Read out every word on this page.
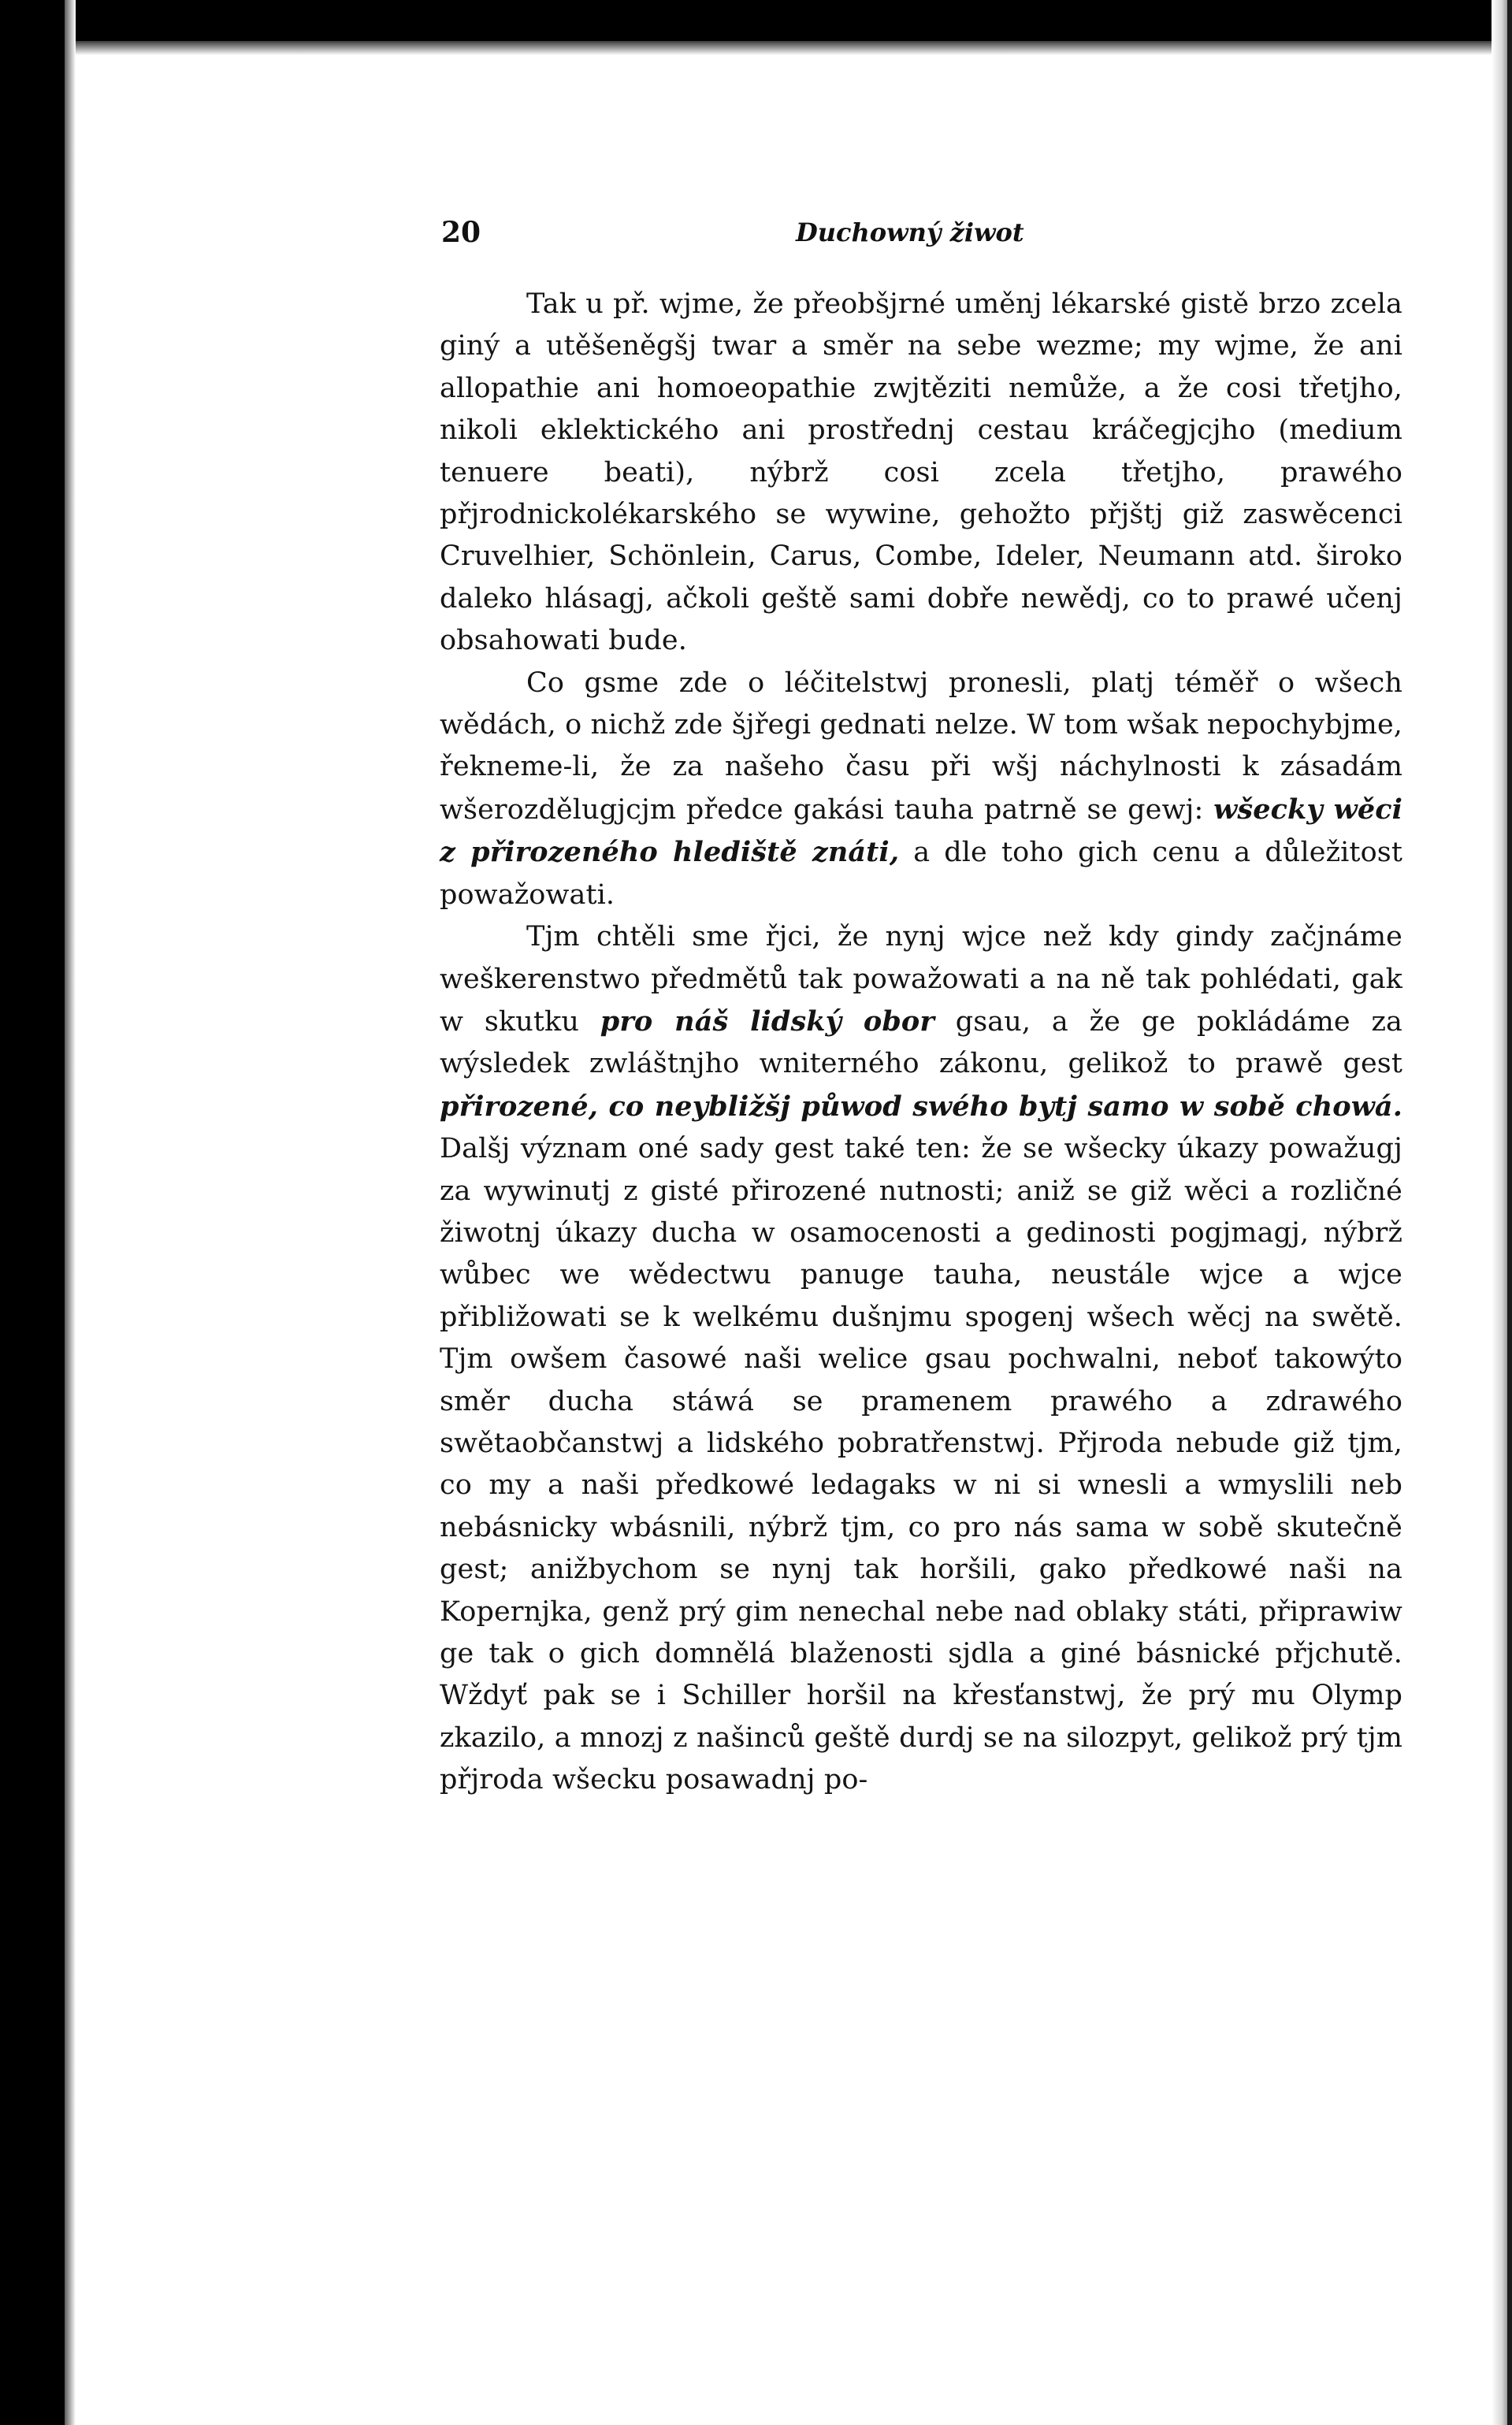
20	Duchowný žiwot

Tak u př. wjme, že přeobšjrné uměnj lékarské gistě brzo zcela giný a utěšeněgšj twar a směr na sebe wezme; my wjme, že ani allopathie ani homoeopathie zwjtěziti nemůže, a že cosi třetjho, nikoli eklektického ani prostřednj cestau kráčegjcjho (medium tenuere beati), nýbrž cosi zcela třetjho, prawého přjrodnickolékarského se wywine, gehožto přjštj giž zaswěcenci Cruvelhier, Schönlein, Carus, Combe, Ideler, Neumann atd. široko daleko hlásagj, ačkoli geště sami dobře newědj, co to prawé učenj obsahowati bude.

Co gsme zde o léčitelstwj pronesli, platj téměř o wšech wědách, o nichž zde šjřegi gednati nelze. W tom wšak nepochybjme, řekneme-li, že za našeho času při wšj náchylnosti k zásadám wšerozdělugjcjm předce gakási tauha patrně se gewj: wšecky wěci z přirozeného hlediště znáti, a dle toho gich cenu a důležitost powažowati.

Tjm chtěli sme řjci, že nynj wjce než kdy gindy začjnáme weškerenstwo předmětů tak powažowati a na ně tak pohlédati, gak w skutku pro náš lidský obor gsau, a že ge pokládáme za wýsledek zwláštnjho wniterného zákonu, gelikož to prawě gest přirozené, co neybližšj půwod swého bytj samo w sobě chowá. Dalšj význam oné sady gest také ten: že se wšecky úkazy powažugj za wywinutj z gisté přirozené nutnosti; aniž se giž wěci a rozličné žiwotnj úkazy ducha w osamocenosti a gedinosti pogjmagj, nýbrž wůbec we wědectwu panuge tauha, neustále wjce a wjce přibližowati se k welkému dušnjmu spogenj wšech wěcj na swětě. Tjm owšem časowé naši welice gsau pochwalni, neboť takowýto směr ducha stáwá se pramenem prawého a zdrawého swětaobčanstwj a lidského pobratřenstwj. Přjroda nebude giž tjm, co my a naši předkowé ledagaks w ni si wnesli a wmyslili neb nebásnicky wbásnili, nýbrž tjm, co pro nás sama w sobě skutečně gest; anižbychom se nynj tak horšili, gako předkowé naši na Kopernjka, genž prý gim nenechal nebe nad oblaky státi, připrawiw ge tak o gich domnělá blaženosti sjdla a giné básnické přjchutě. Wždyť pak se i Schiller horšil na křesťanstwj, že prý mu Olymp zkazilo, a mnozj z našinců geště durdj se na silozpyt, gelikož prý tjm přjroda wšecku posawadnj po-
